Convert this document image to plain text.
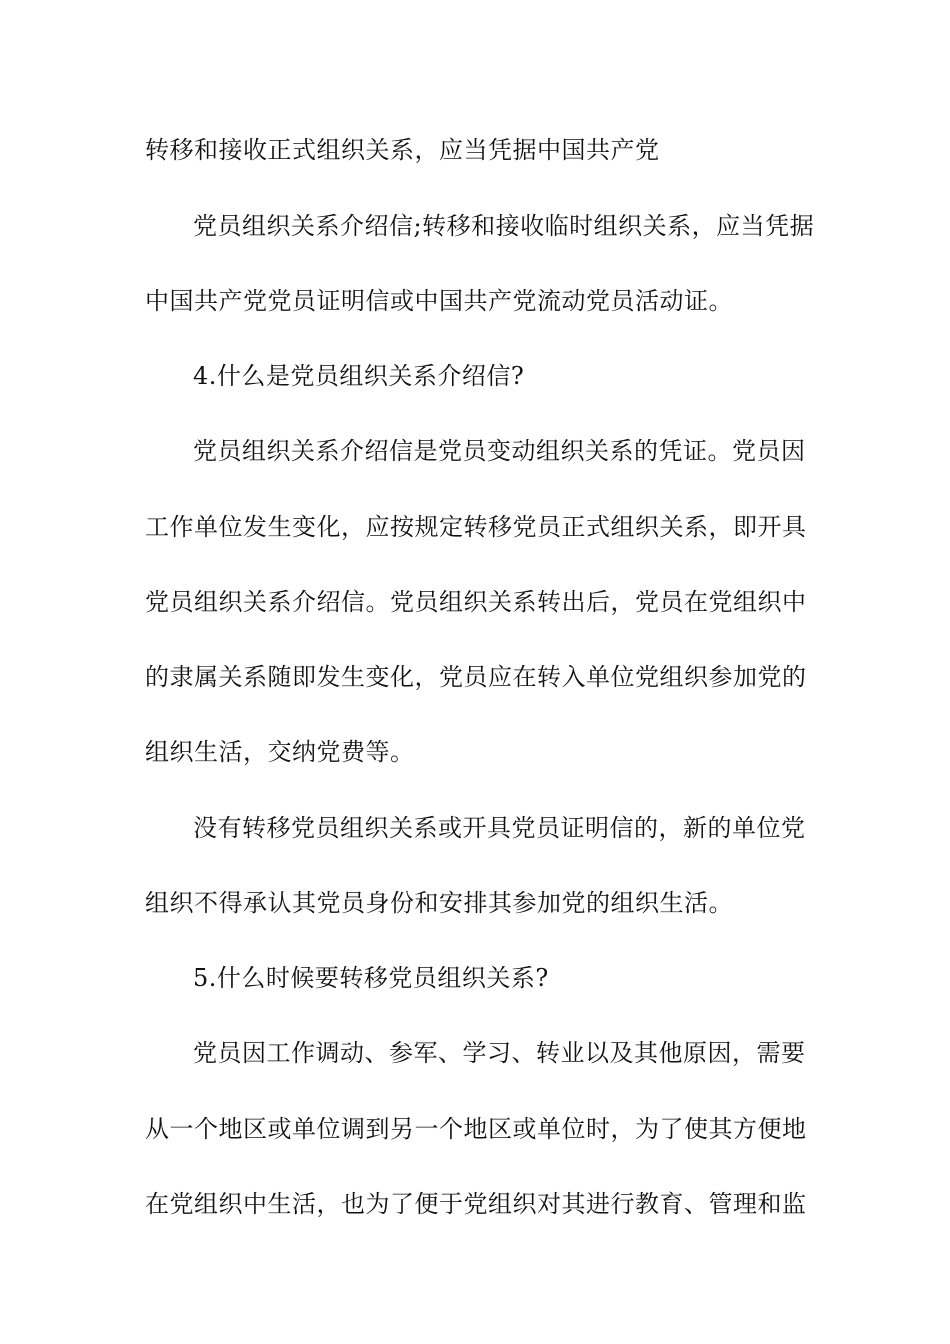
转移和接收正式组织关系，应当凭据中国共产党
党员组织关系介绍信;转移和接收临时组织关系，应当凭据
中国共产党党员证明信或中国共产党流动党员活动证。
4.什么是党员组织关系介绍信?
党员组织关系介绍信是党员变动组织关系的凭证。党员因
工作单位发生变化，应按规定转移党员正式组织关系，即开具
党员组织关系介绍信。党员组织关系转出后，党员在党组织中
的隶属关系随即发生变化，党员应在转入单位党组织参加党的
组织生活，交纳党费等。
没有转移党员组织关系或开具党员证明信的，新的单位党
组织不得承认其党员身份和安排其参加党的组织生活。
5.什么时候要转移党员组织关系?
党员因工作调动、参军、学习、转业以及其他原因，需要
从一个地区或单位调到另一个地区或单位时，为了使其方便地
在党组织中生活，也为了便于党组织对其进行教育、管理和监
